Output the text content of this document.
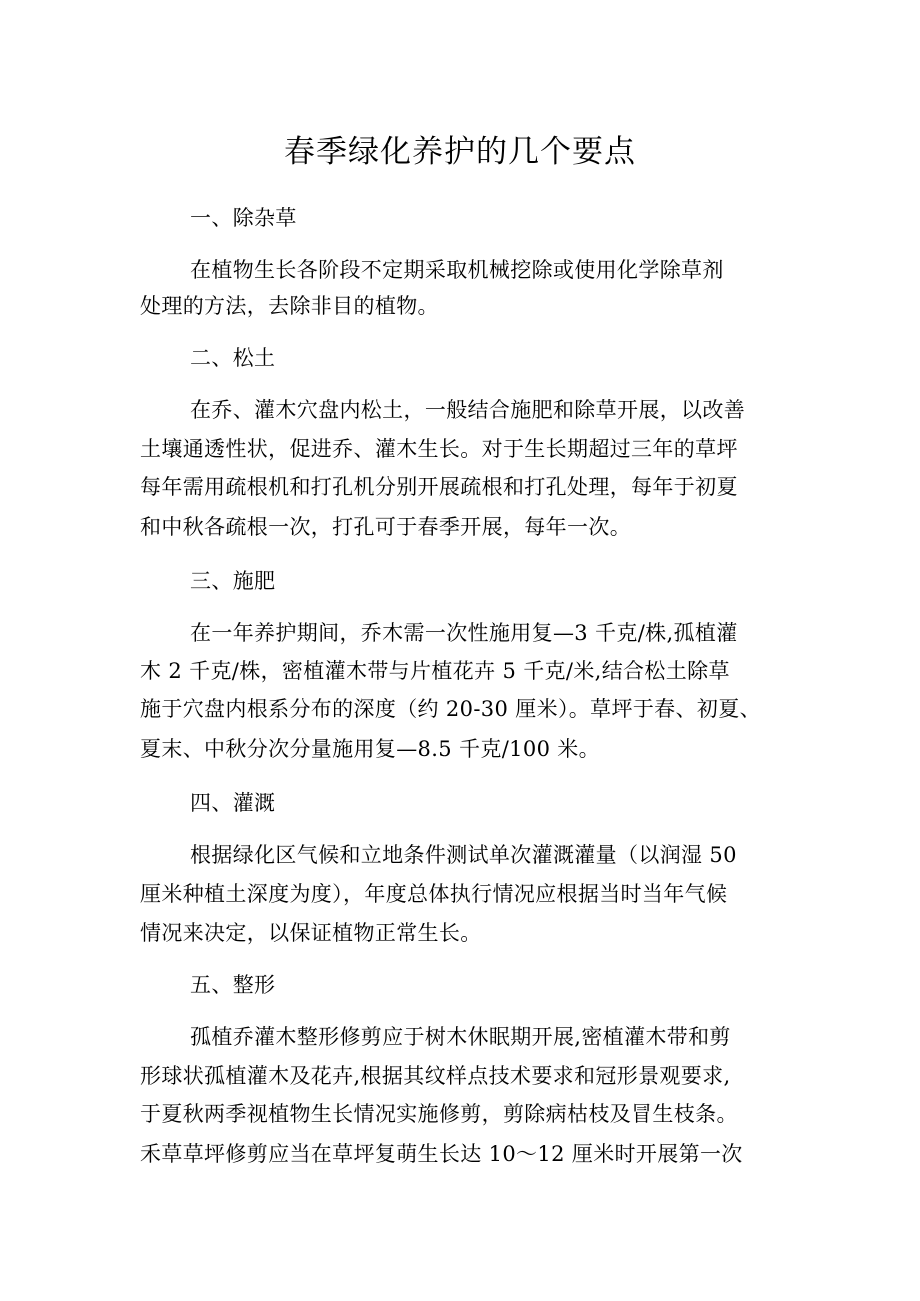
春季绿化养护的几个要点
一、除杂草
在植物生长各阶段不定期采取机械挖除或使用化学除草剂
处理的方法，去除非目的植物。
二、松土
在乔、灌木穴盘内松土，一般结合施肥和除草开展，以改善
土壤通透性状，促进乔、灌木生长。对于生长期超过三年的草坪
每年需用疏根机和打孔机分别开展疏根和打孔处理，每年于初夏
和中秋各疏根一次，打孔可于春季开展，每年一次。
三、施肥
在一年养护期间，乔木需一次性施用复—3 千克/株,孤植灌
木 2 千克/株，密植灌木带与片植花卉 5 千克/米,结合松土除草
施于穴盘内根系分布的深度（约 20-30 厘米）。草坪于春、初夏、
夏末、中秋分次分量施用复—8.5 千克/100 米。
四、灌溉
根据绿化区气候和立地条件测试单次灌溉灌量（以润湿 50
厘米种植土深度为度），年度总体执行情况应根据当时当年气候
情况来决定，以保证植物正常生长。
五、整形
孤植乔灌木整形修剪应于树木休眠期开展,密植灌木带和剪
形球状孤植灌木及花卉,根据其纹样点技术要求和冠形景观要求,
于夏秋两季视植物生长情况实施修剪，剪除病枯枝及冒生枝条。
禾草草坪修剪应当在草坪复萌生长达 10～12 厘米时开展第一次
